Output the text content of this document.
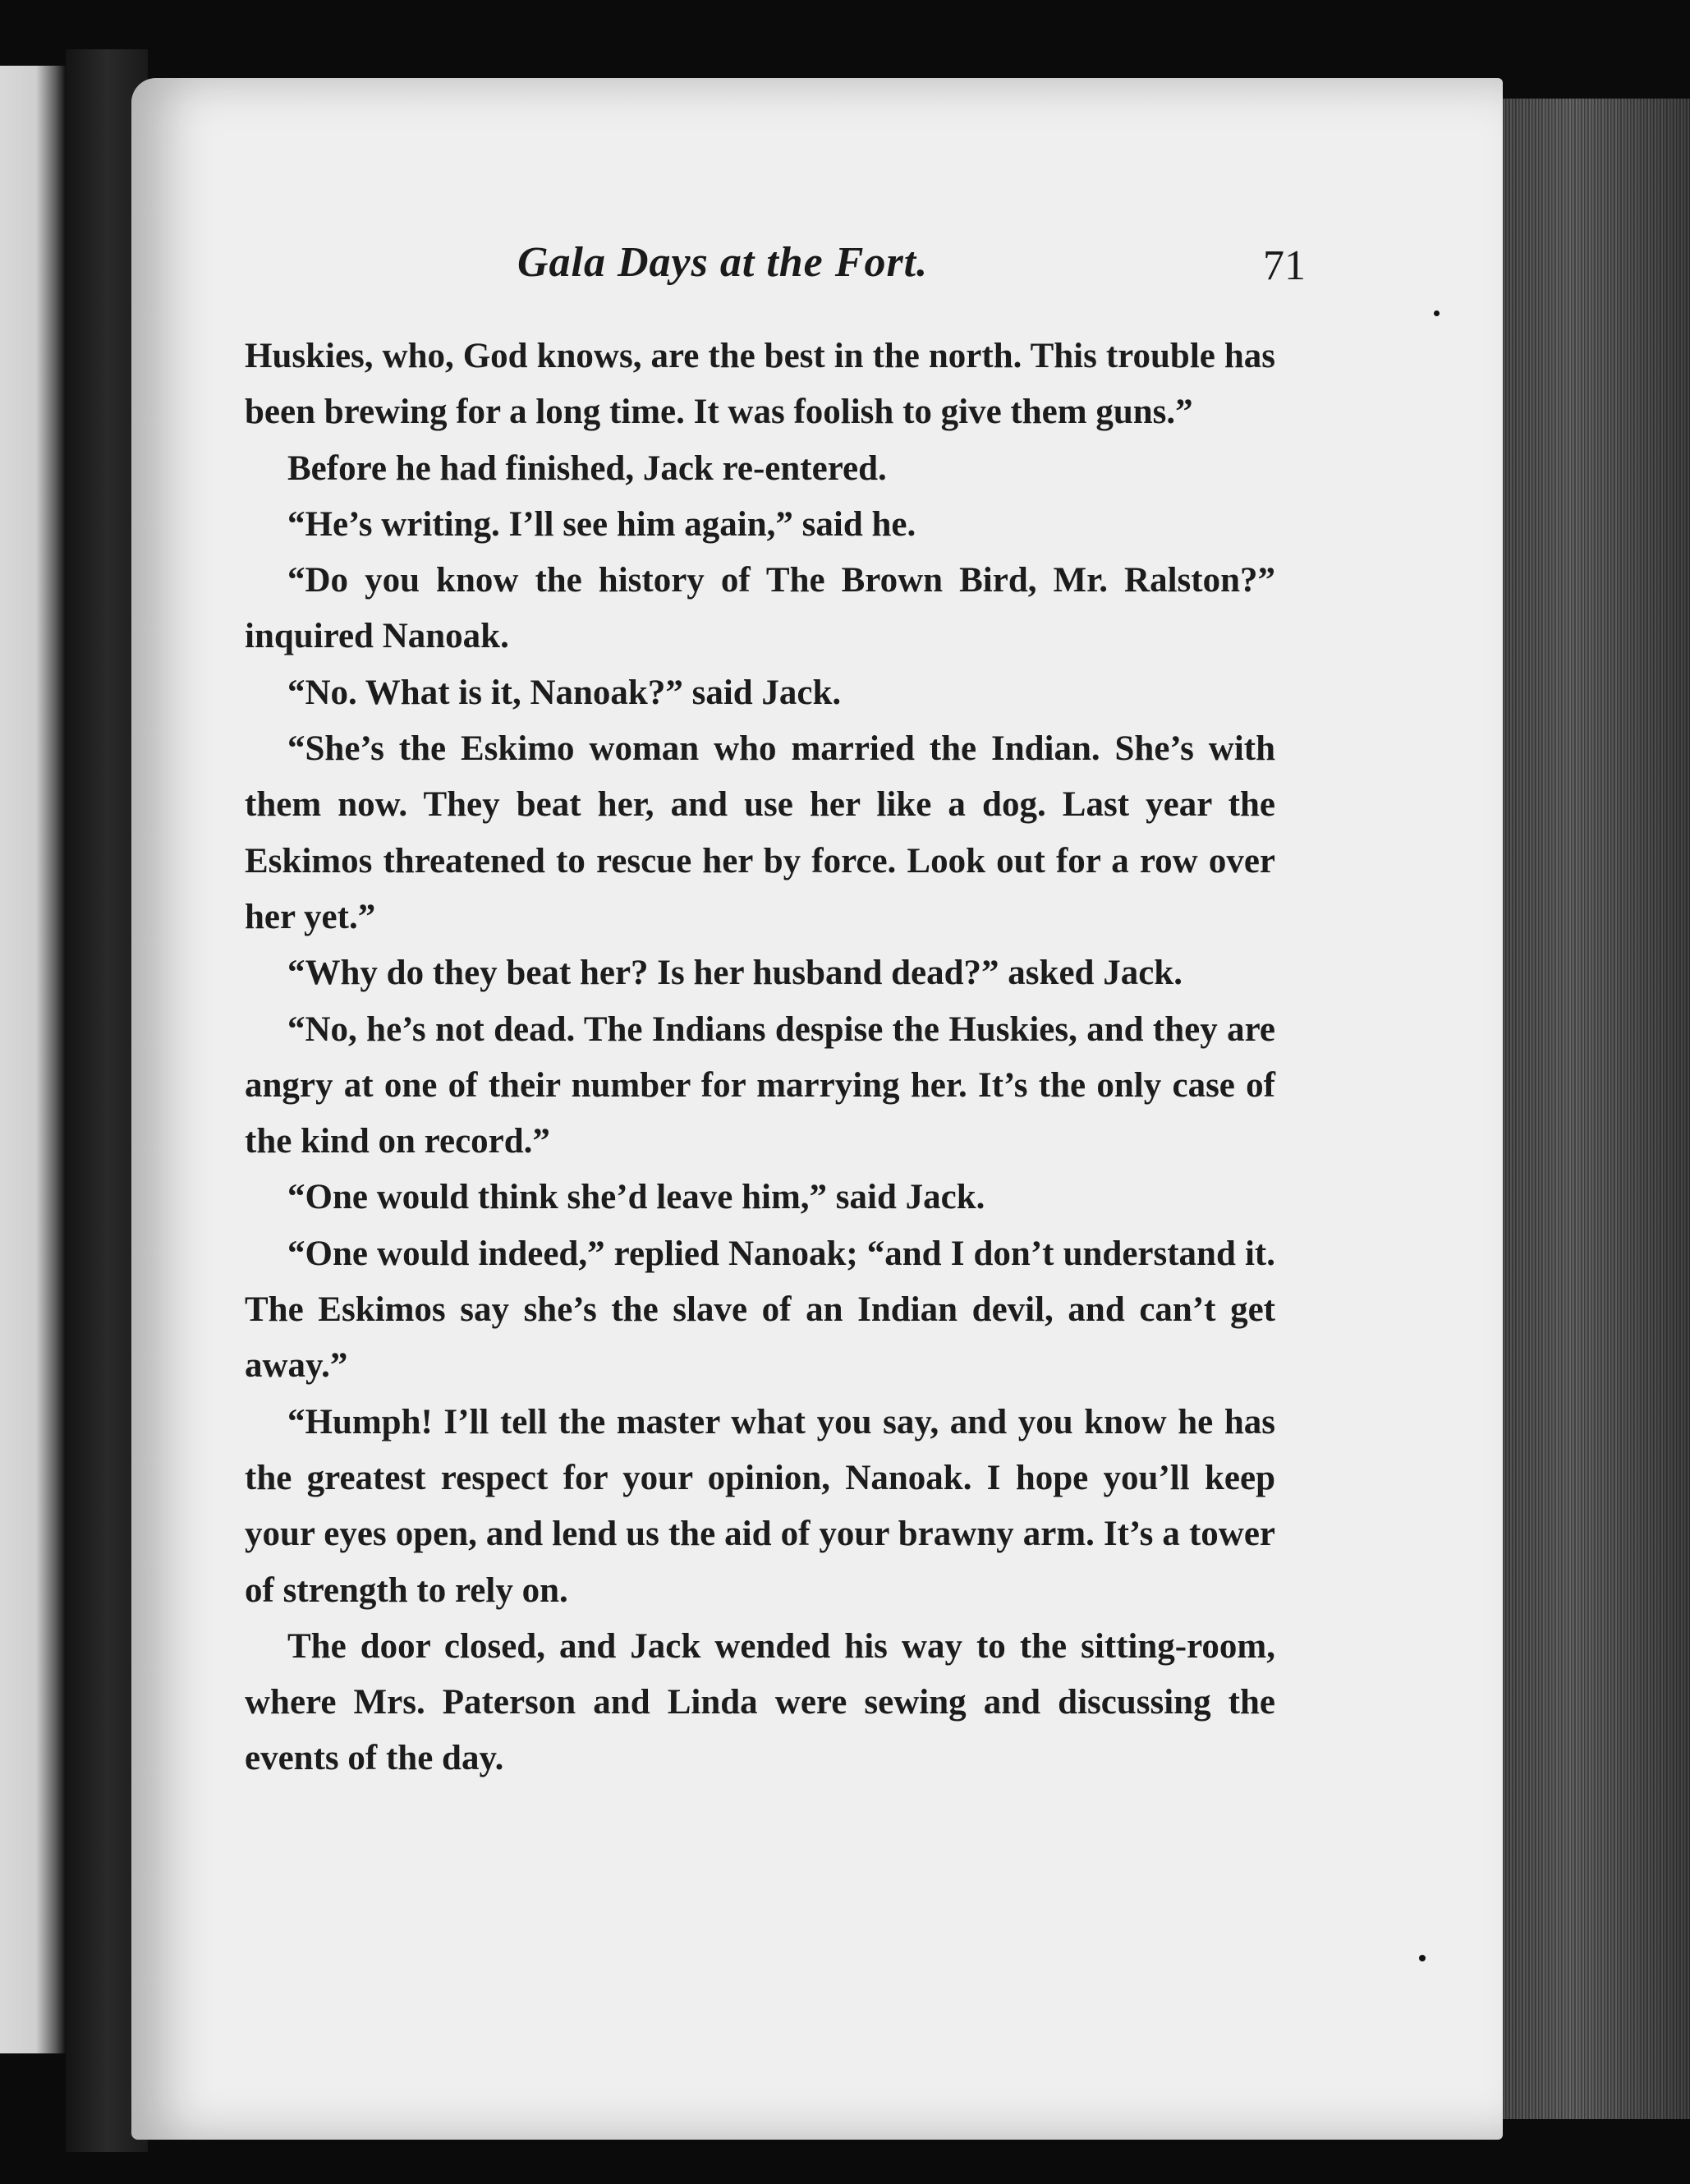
Gala Days at the Fort.	71

Huskies, who, God knows, are the best in the north. This trouble has been brewing for a long time. It was foolish to give them guns.”

Before he had finished, Jack re-entered.

“He’s writing. I’ll see him again,” said he.

“Do you know the history of The Brown Bird, Mr. Ralston?” inquired Nanoak.

“No. What is it, Nanoak?” said Jack.

“She’s the Eskimo woman who married the Indian. She’s with them now. They beat her, and use her like a dog. Last year the Eskimos threatened to rescue her by force. Look out for a row over her yet.”

“Why do they beat her? Is her husband dead?” asked Jack.

“No, he’s not dead. The Indians despise the Huskies, and they are angry at one of their number for marrying her. It’s the only case of the kind on record.”

“One would think she’d leave him,” said Jack.

“One would indeed,” replied Nanoak; “and I don’t understand it. The Eskimos say she’s the slave of an Indian devil, and can’t get away.”

“Humph! I’ll tell the master what you say, and you know he has the greatest respect for your opinion, Nanoak. I hope you’ll keep your eyes open, and lend us the aid of your brawny arm. It’s a tower of strength to rely on.

The door closed, and Jack wended his way to the sitting-room, where Mrs. Paterson and Linda were sewing and discussing the events of the day.
